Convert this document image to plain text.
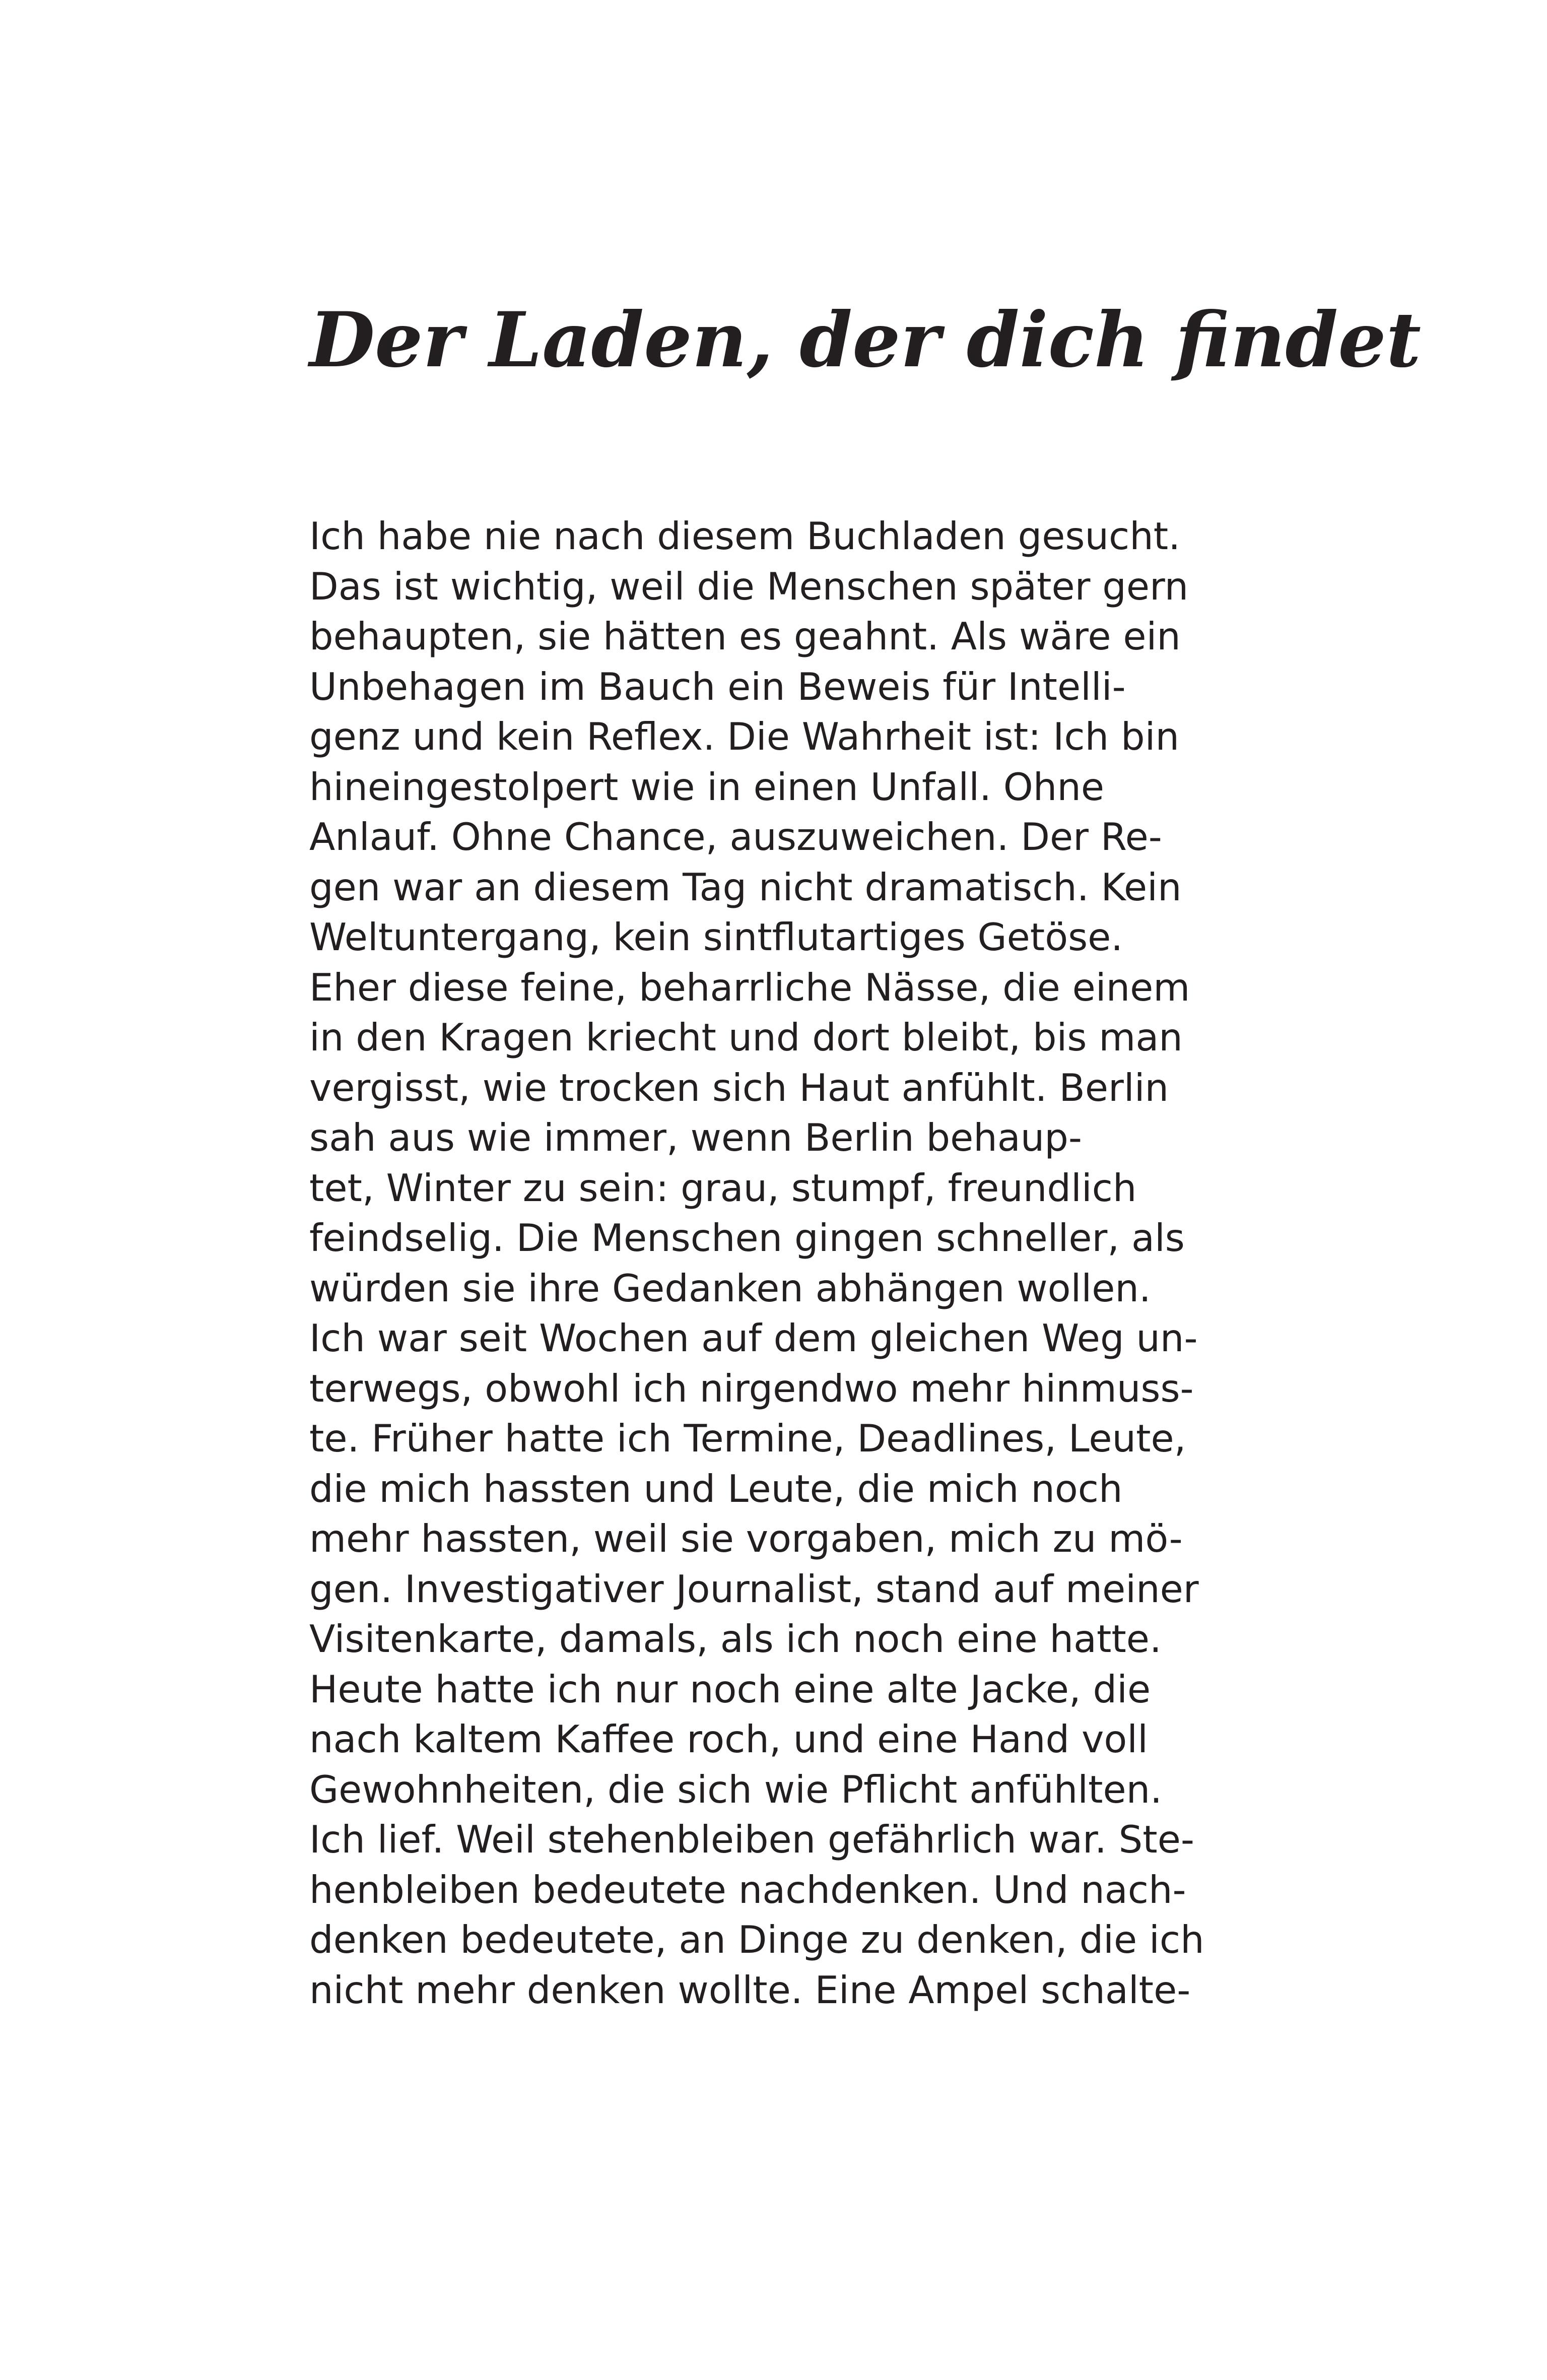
Der Laden, der dich findet
Ich habe nie nach diesem Buchladen gesucht.
Das ist wichtig, weil die Menschen später gern
behaupten, sie hätten es geahnt. Als wäre ein
Unbehagen im Bauch ein Beweis für Intelli-
genz und kein Reflex. Die Wahrheit ist: Ich bin
hineingestolpert wie in einen Unfall. Ohne
Anlauf. Ohne Chance, auszuweichen. Der Re-
gen war an diesem Tag nicht dramatisch. Kein
Weltuntergang, kein sintflutartiges Getöse.
Eher diese feine, beharrliche Nässe, die einem
in den Kragen kriecht und dort bleibt, bis man
vergisst, wie trocken sich Haut anfühlt. Berlin
sah aus wie immer, wenn Berlin behaup-
tet, Winter zu sein: grau, stumpf, freundlich
feindselig. Die Menschen gingen schneller, als
würden sie ihre Gedanken abhängen wollen.
Ich war seit Wochen auf dem gleichen Weg un-
terwegs, obwohl ich nirgendwo mehr hinmuss-
te. Früher hatte ich Termine, Deadlines, Leute,
die mich hassten und Leute, die mich noch
mehr hassten, weil sie vorgaben, mich zu mö-
gen. Investigativer Journalist, stand auf meiner
Visitenkarte, damals, als ich noch eine hatte.
Heute hatte ich nur noch eine alte Jacke, die
nach kaltem Kaffee roch, und eine Hand voll
Gewohnheiten, die sich wie Pflicht anfühlten.
Ich lief. Weil stehenbleiben gefährlich war. Ste-
henbleiben bedeutete nachdenken. Und nach-
denken bedeutete, an Dinge zu denken, die ich
nicht mehr denken wollte. Eine Ampel schalte-
